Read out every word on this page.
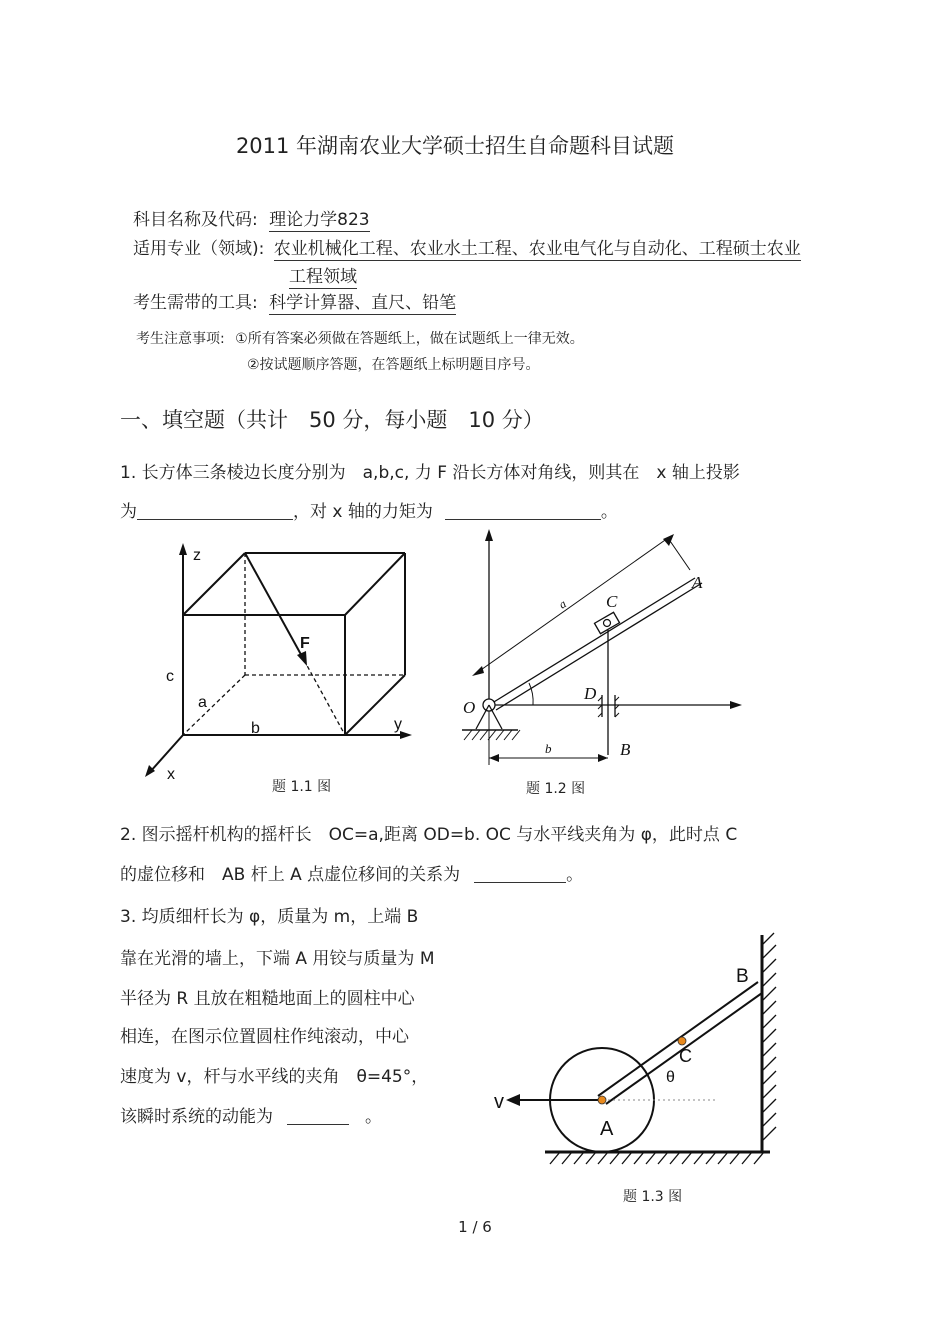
2011 年湖南农业大学硕士招生自命题科目试题
科目名称及代码: 理论力学823
适用专业（领域): 农业机械化工程、农业水土工程、农业电气化与自动化、工程硕士农业
工程领域
考生需带的工具: 科学计算器、直尺、铅笔
考生注意事项: ①所有答案必须做在答题纸上，做在试题纸上一律无效。
②按试题顺序答题，在答题纸上标明题目序号。
一、填空题（共计　50 分，每小题　10 分）
1. 长方体三条棱边长度分别为　a,b,c, 力 F 沿长方体对角线，则其在　x 轴上投影
为	，对 x 轴的力矩为	。
z
F
c
a
b	y
x
题 1.1 图
a C
A
O
D
b	B
题 1.2 图
2. 图示摇杆机构的摇杆长　OC=a,距离 OD=b. OC 与水平线夹角为 φ，此时点 C
的虚位移和　AB 杆上 A 点虚位移间的关系为	。
3. 均质细杆长为 φ，质量为 m，上端 B
靠在光滑的墙上，下端 A 用铰与质量为 M
半径为 R 且放在粗糙地面上的圆柱中心
相连，在图示位置圆柱作纯滚动，中心
速度为 v，杆与水平线的夹角　θ=45°，
该瞬时系统的动能为	。
B
C
θ
v
A
题 1.3 图
1 / 6
